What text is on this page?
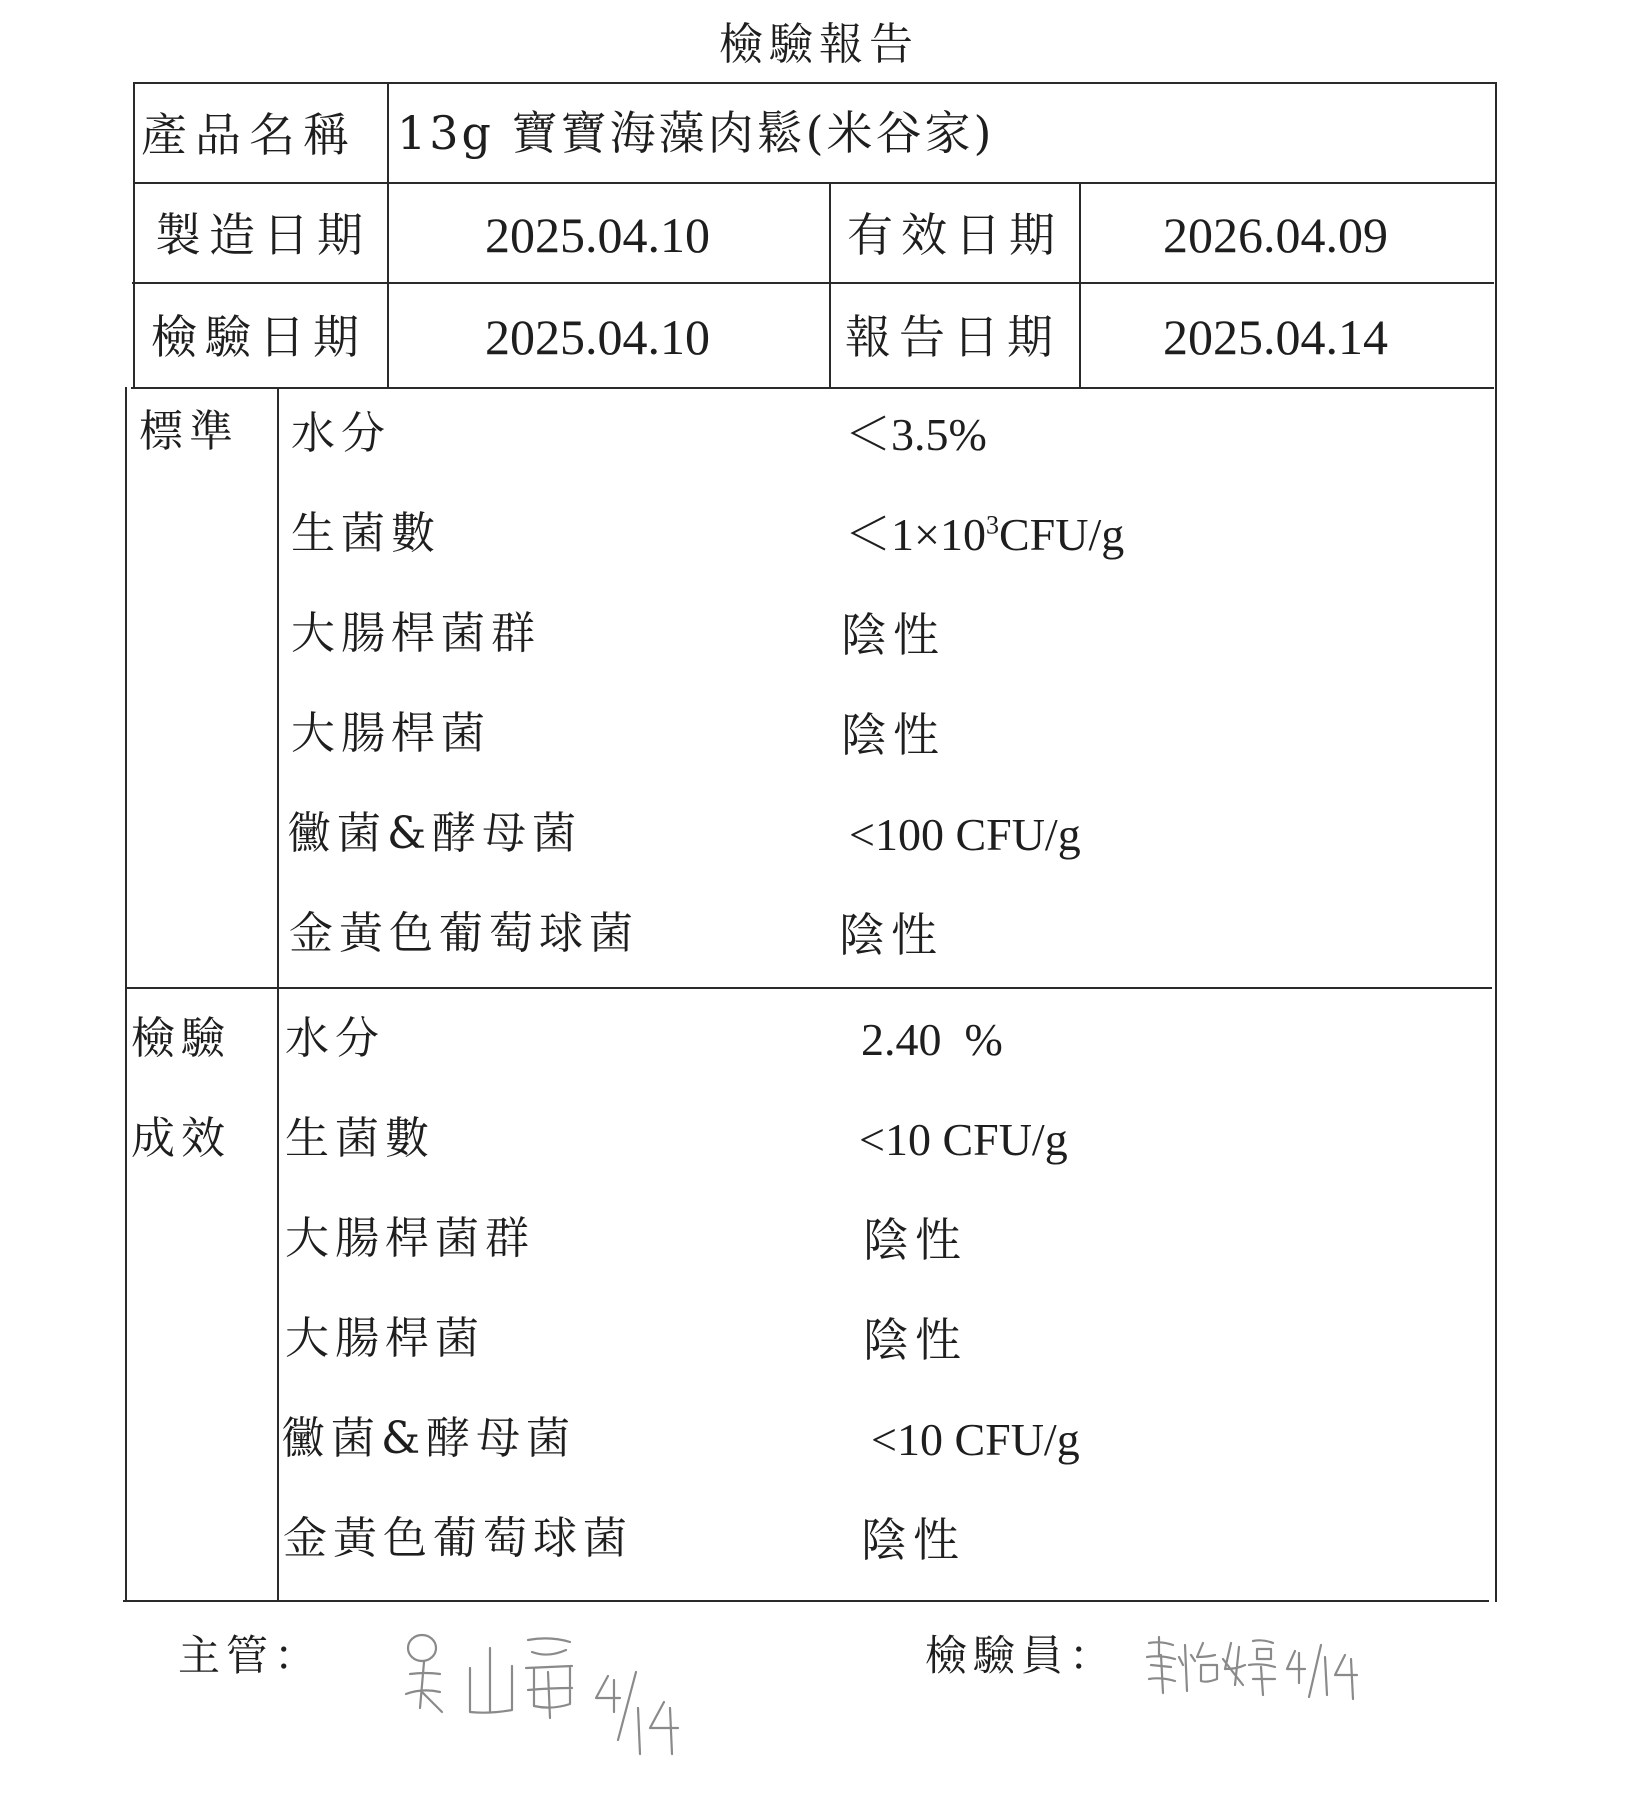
檢驗報告
產品名稱 13g 寶寶海藻肉鬆(米谷家)
製造日期 2025.04.10	有效日期 2026.04.09
檢驗日期 2025.04.10	報告日期 2025.04.14
標準 水分	＜3.5%
生菌數	$<1\times 10^3CFU/g$
大腸桿菌群	陰性
大腸桿菌	陰性
黴菌&酵母菌	<100 CFU/g
金黃色葡萄球菌	陰性
檢驗
成效
水分	2.40  %
生菌數	<10 CFU/g
大腸桿菌群	陰性
大腸桿菌	陰性
黴菌&酵母菌	<10 CFU/g
金黃色葡萄球菌	陰性
主管：	檢驗員：
